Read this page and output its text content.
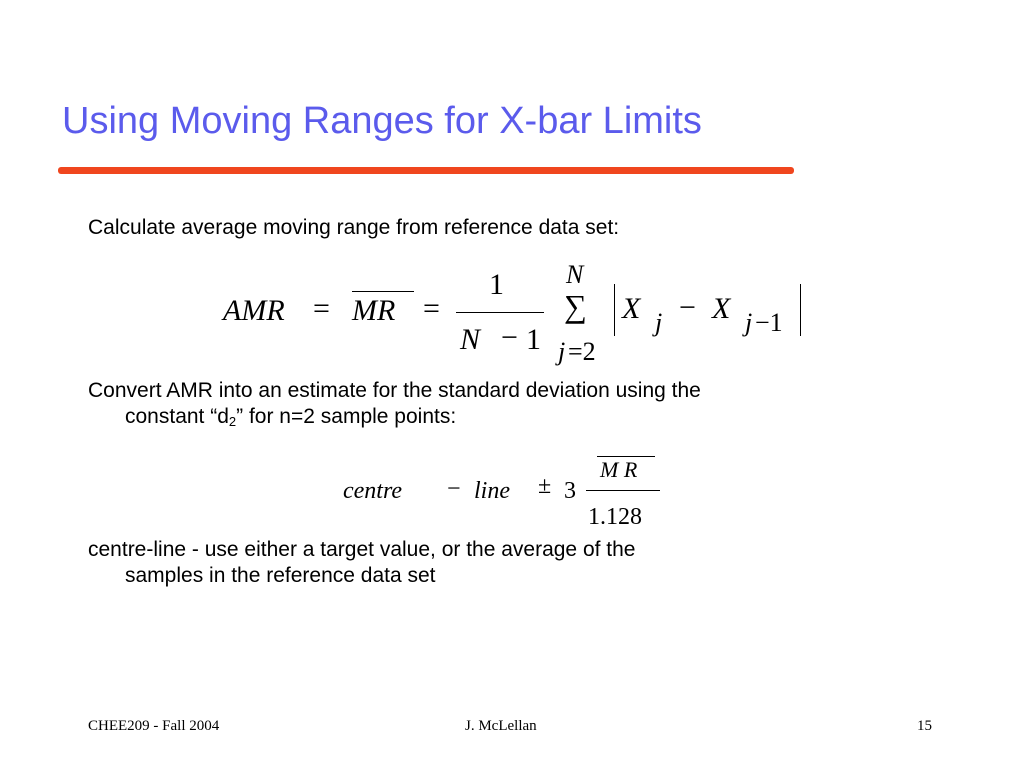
Using Moving Ranges for X-bar Limits
Calculate average moving range from reference data set:
AMR = MR =
1
N − 1
N
∑
j =2
X j − X j −1
Convert AMR into an estimate for the standard deviation using the
constant “$d_2$” for n=2 sample points:
centre − line ± 3
M R
1.128
centre-line - use either a target value, or the average of the
samples in the reference data set
CHEE209 - Fall 2004	J. McLellan	15
